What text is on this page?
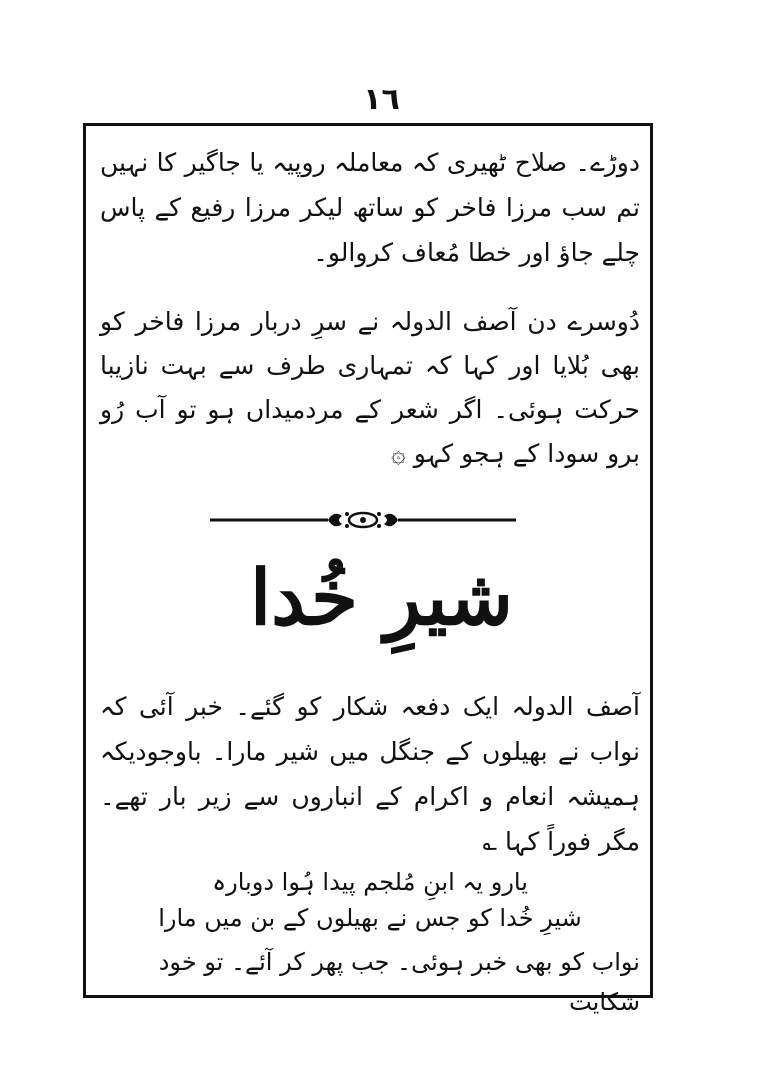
١٦

دوڑے۔ صلاح ٹھیری کہ معاملہ روپیہ یا جاگیر کا نہیں تم سب مرزا فاخر کو ساتھ لیکر مرزا رفیع کے پاس چلے جاؤ اور خطا مُعاف کروالو۔

دُوسرے دن آصف الدولہ نے سرِ دربار مرزا فاخر کو بھی بُلایا اور کہا کہ تمہاری طرف سے بہت نازیبا حرکت ہوئی۔ اگر شعر کے مردمیداں ہو تو آب رُو برو سودا کے ہجو کہو ۞

شیرِ خُدا

آصف الدولہ ایک دفعہ شکار کو گئے۔ خبر آئی کہ نواب نے بھیلوں کے جنگل میں شیر مارا۔ باوجودیکہ ہمیشہ انعام و اکرام کے انباروں سے زیر بار تھے۔ مگر فوراً کہا ؎

یارو یہ ابنِ مُلجم پیدا ہُوا دوبارہ
شیرِ خُدا کو جس نے بھیلوں کے بن میں مارا
نواب کو بھی خبر ہوئی۔ جب پھر کر آئے۔ تو خود شکایت
